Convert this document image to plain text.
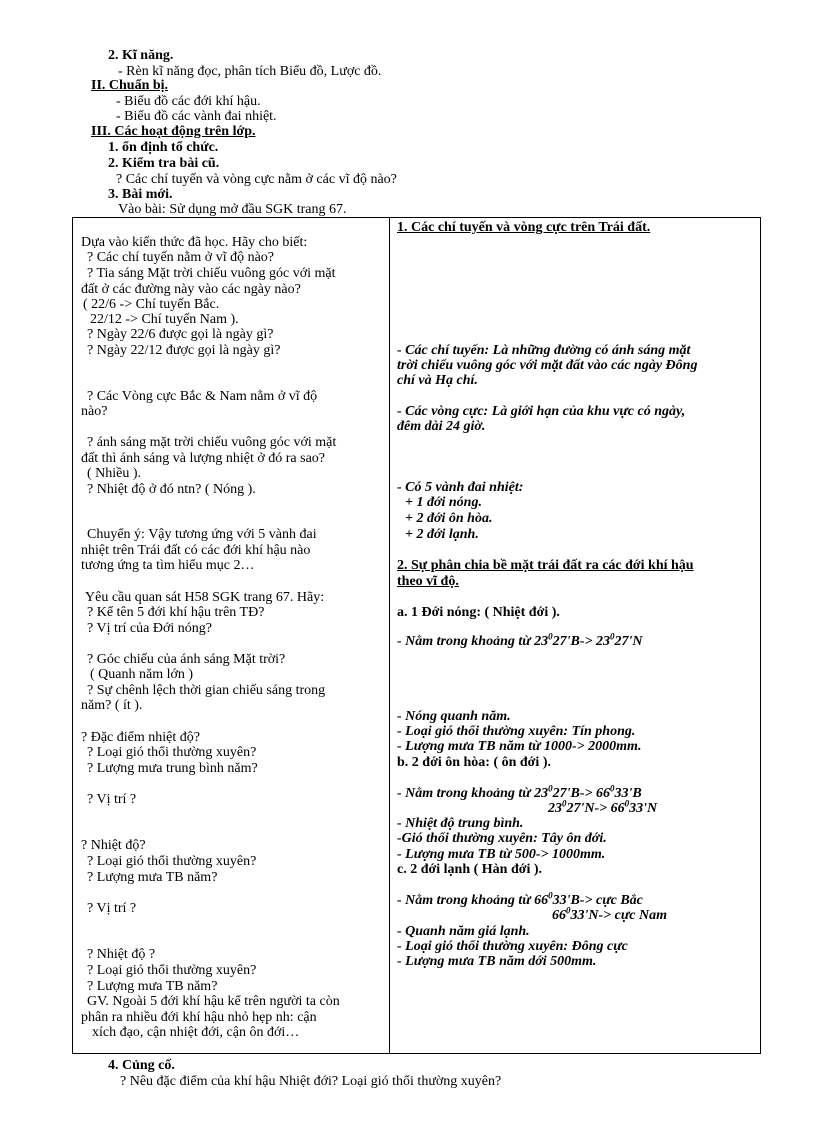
2. Kĩ năng.
- Rèn kĩ năng đọc, phân tích Biểu đồ, Lược đồ.
II. Chuẩn bị.
- Biểu đồ các đới khí hậu.
- Biểu đồ các vành đai nhiệt.
III. Các hoạt động trên lớp.
1. ổn định tổ chức.
2. Kiểm tra bài cũ.
? Các chí tuyến và vòng cực nằm ở các vĩ độ nào?
3. Bài mới.
Vào bài: Sử dụng mở đầu SGK trang 67.
Dựa vào kiến thức đã học. Hãy cho biết:
? Các chí tuyến nằm ở vĩ độ nào?
? Tia sáng Mặt trời chiếu vuông góc với mặt
đất ở các đường này vào các ngày nào?
( 22/6 -> Chí tuyến Bắc.
22/12 -> Chí tuyến Nam ).
? Ngày 22/6 được gọi là ngày gì?
? Ngày 22/12 được gọi là ngày gì?
? Các Vòng cực Bắc & Nam nằm ở vĩ độ
nào?
? ánh sáng mặt trời chiếu vuông góc với mặt
đất thì ánh sáng và lượng nhiệt ở đó ra sao?
( Nhiều ).
? Nhiệt độ ở đó ntn? ( Nóng ).
Chuyển ý: Vậy tương ứng với 5 vành đai
nhiệt trên Trái đất có các đới khí hậu nào
tương ứng ta tìm hiểu mục 2…
Yêu cầu quan sát H58 SGK trang 67. Hãy:
? Kể tên 5 đới khí hậu trên TĐ?
? Vị trí của Đới nóng?
? Góc chiếu của ánh sáng Mặt trời?
( Quanh năm lớn )
? Sự chênh lệch thời gian chiếu sáng trong
năm? ( ít ).
? Đặc điểm nhiệt độ?
? Loại gió thổi thường xuyên?
? Lượng mưa trung bình năm?
? Vị trí ?
? Nhiệt độ?
? Loại gió thổi thường xuyên?
? Lượng mưa TB năm?
? Vị trí ?
? Nhiệt độ ?
? Loại gió thổi thường xuyên?
? Lượng mưa TB năm?
GV. Ngoài 5 đới khí hậu kể trên người ta còn
phân ra nhiều đới khí hậu nhỏ hẹp nh: cận
xích đạo, cận nhiệt đới, cận ôn đới…
1. Các chí tuyến và vòng cực trên Trái đất.
- Các chí tuyến: Là những đường có ánh sáng mặt
trời chiếu vuông góc với mặt đất vào các ngày Đông
chí và Hạ chí.
- Các vòng cực: Là giới hạn của khu vực có ngày,
đêm dài 24 giờ.
- Có 5 vành đai nhiệt:
+ 1 đới nóng.
+ 2 đới ôn hòa.
+ 2 đới lạnh.
2. Sự phân chia bề mặt trái đất ra các đới khí hậu
theo vĩ độ.
a. 1 Đới nóng: ( Nhiệt đới ).
- Nằm trong khoảng từ $23^027'B-> 23^027'N$
- Nóng quanh năm.
- Loại gió thổi thường xuyên: Tín phong.
- Lượng mưa TB năm từ 1000-> 2000mm.
b. 2 đới ôn hòa: ( ôn đới ).
- Nằm trong khoảng từ $23^027'B-> 66^033'B$
$23^027'N-> 66^033'N$
- Nhiệt độ trung bình.
-Gió thổi thường xuyên: Tây ôn đới.
- Lượng mưa TB từ 500-> 1000mm.
c. 2 đới lạnh ( Hàn đới ).
- Nằm trong khoảng từ $66^033'B->$ cực Bắc
$66^033'N->$ cực Nam
- Quanh năm giá lạnh.
- Loại gió thổi thường xuyên: Đông cực
- Lượng mưa TB năm dới 500mm.
4. Củng cố.
? Nêu đặc điểm của khí hậu Nhiệt đới? Loại gió thổi thường xuyên?
